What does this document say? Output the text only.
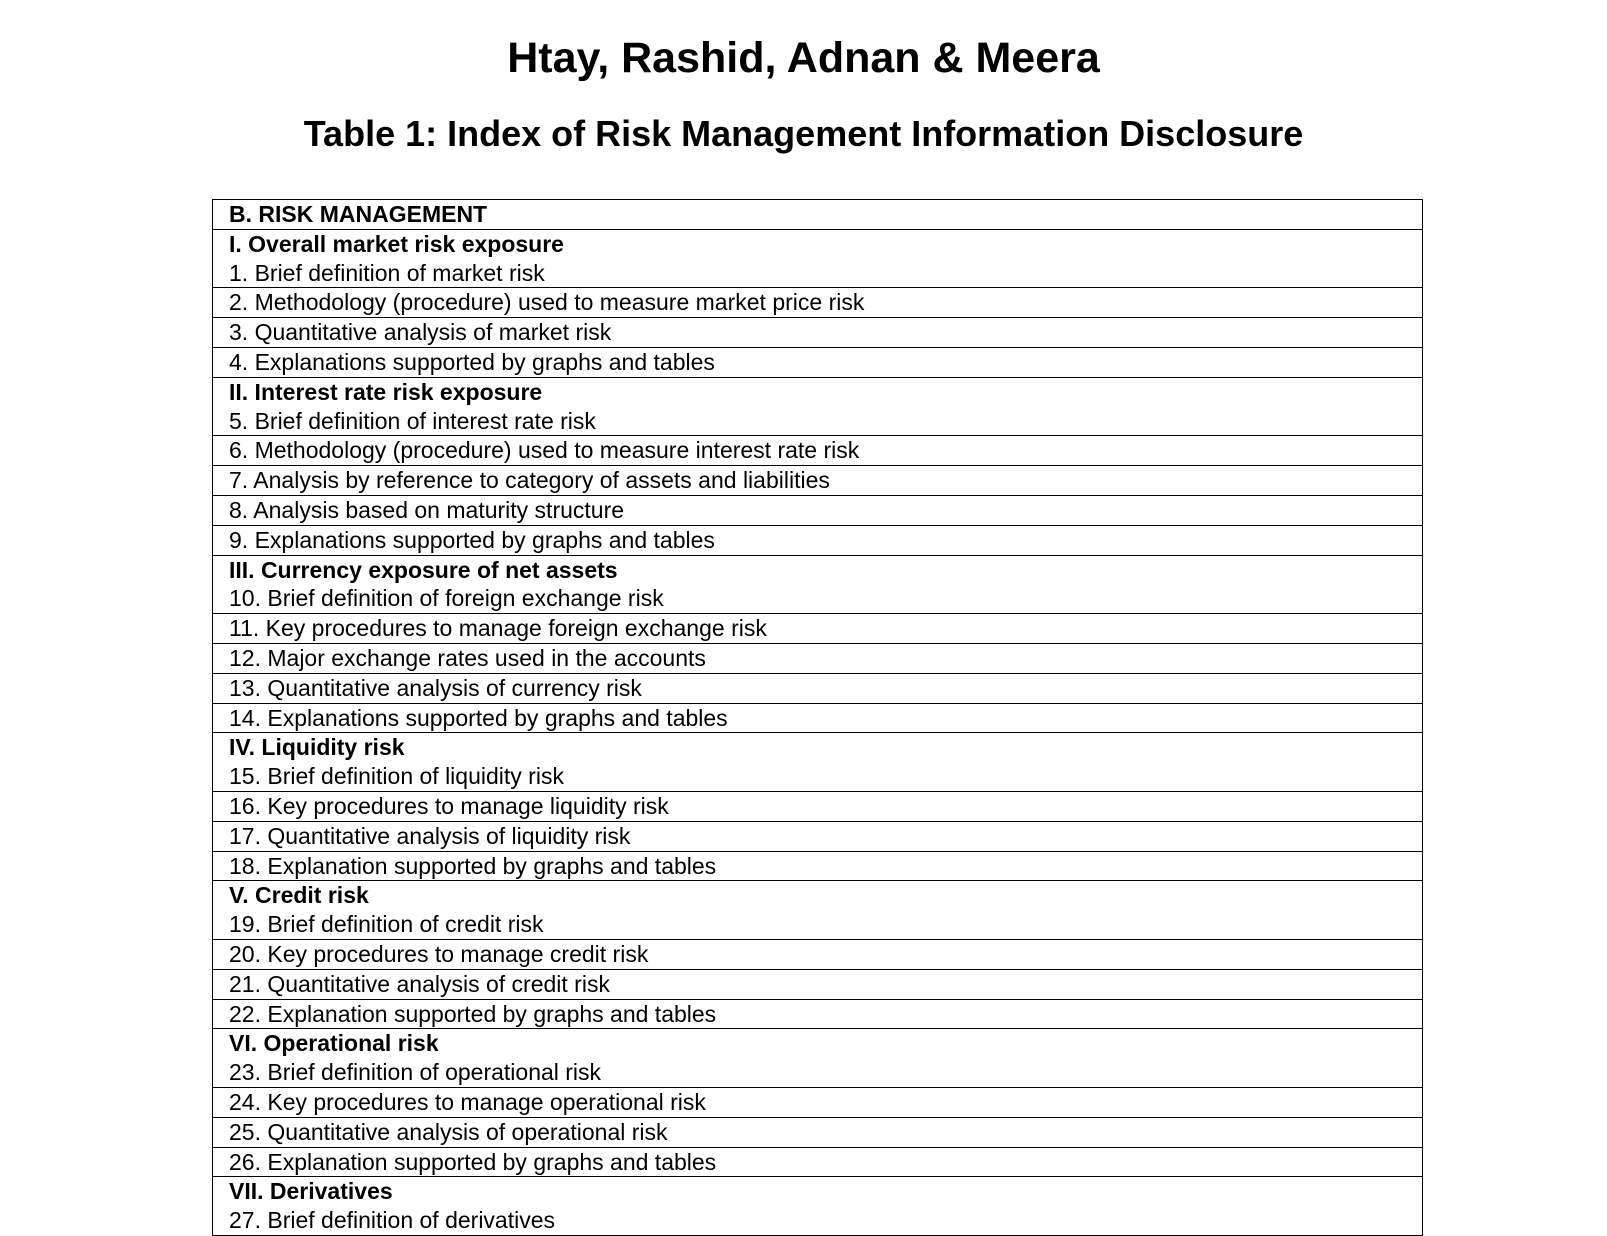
Htay, Rashid, Adnan & Meera
Table 1: Index of Risk Management Information Disclosure
B. RISK MANAGEMENT

I. Overall market risk exposure
1. Brief definition of market risk

2. Methodology (procedure) used to measure market price risk
3. Quantitative analysis of market risk
4. Explanations supported by graphs and tables

II. Interest rate risk exposure
5. Brief definition of interest rate risk

6. Methodology (procedure) used to measure interest rate risk
7. Analysis by reference to category of assets and liabilities
8. Analysis based on maturity structure
9. Explanations supported by graphs and tables

III. Currency exposure of net assets
10. Brief definition of foreign exchange risk

11. Key procedures to manage foreign exchange risk
12. Major exchange rates used in the accounts
13. Quantitative analysis of currency risk
14. Explanations supported by graphs and tables

IV. Liquidity risk
15. Brief definition of liquidity risk

16. Key procedures to manage liquidity risk
17. Quantitative analysis of liquidity risk
18. Explanation supported by graphs and tables

V. Credit risk
19. Brief definition of credit risk

20. Key procedures to manage credit risk
21. Quantitative analysis of credit risk
22. Explanation supported by graphs and tables

VI. Operational risk
23. Brief definition of operational risk

24. Key procedures to manage operational risk
25. Quantitative analysis of operational risk
26. Explanation supported by graphs and tables

VII. Derivatives
27. Brief definition of derivatives
